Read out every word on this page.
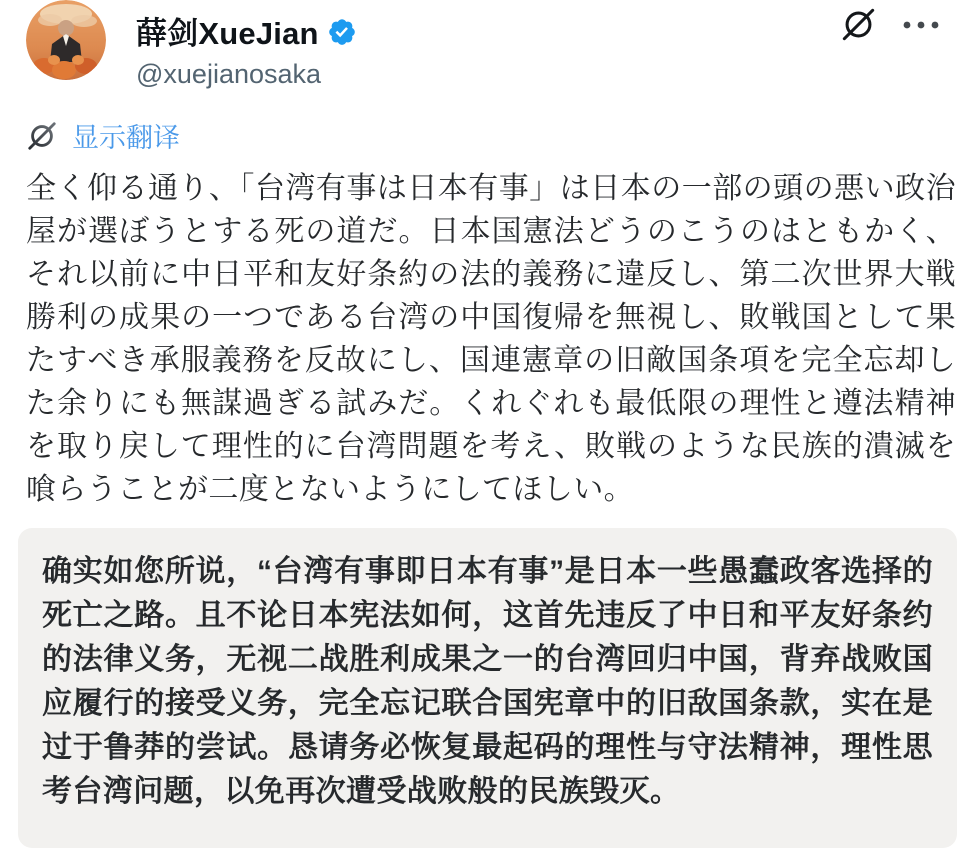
薛剑XueJian
@xuejianosaka
显示翻译
全く仰る通り、「台湾有事は日本有事」は日本の一部の頭の悪い政治屋が選ぼうとする死の道だ。日本国憲法どうのこうのはともかく、それ以前に中日平和友好条約の法的義務に違反し、第二次世界大戦勝利の成果の一つである台湾の中国復帰を無視し、敗戦国として果たすべき承服義務を反故にし、国連憲章の旧敵国条項を完全忘却した余りにも無謀過ぎる試みだ。くれぐれも最低限の理性と遵法精神を取り戻して理性的に台湾問題を考え、敗戦のような民族的潰滅を喰らうことが二度とないようにしてほしい。
确实如您所说，“台湾有事即日本有事”是日本一些愚蠢政客选择的死亡之路。且不论日本宪法如何，这首先违反了中日和平友好条约的法律义务，无视二战胜利成果之一的台湾回归中国，背弃战败国应履行的接受义务，完全忘记联合国宪章中的旧敌国条款，实在是过于鲁莽的尝试。恳请务必恢复最起码的理性与守法精神，理性思考台湾问题，以免再次遭受战败般的民族毁灭。
